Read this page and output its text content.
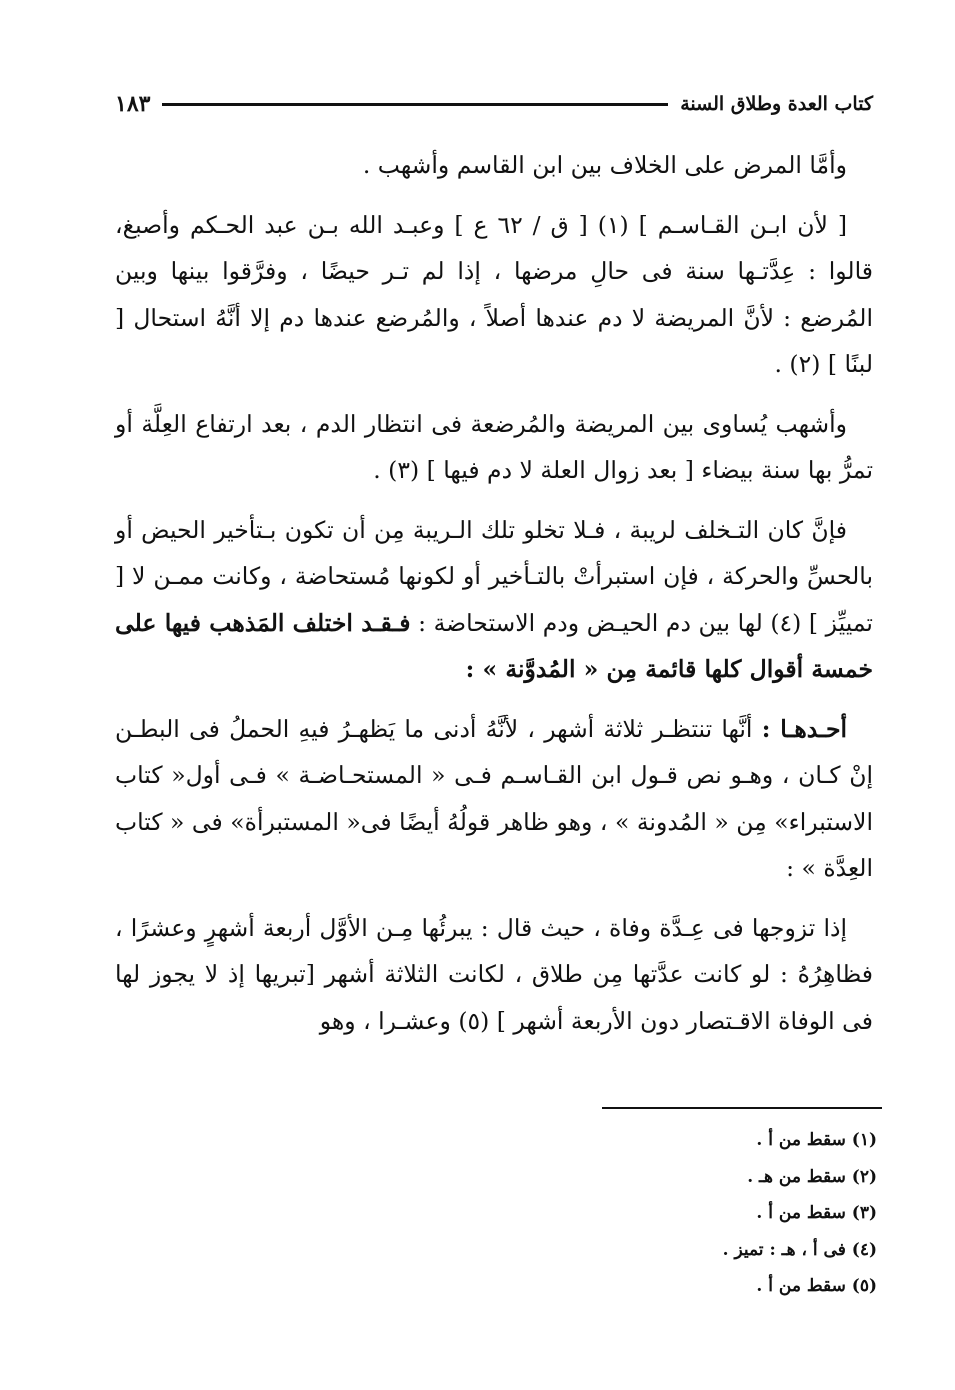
١٨٣	كتاب العدة وطلاق السنة

وأمَّا المرض على الخلاف بين ابن القاسم وأشهب .

[ لأن ابـن القـاسـم ] (١) [ ق / ٦٢ ع ] وعبـد الله بـن عبد الحـكم وأصبغ، قالوا : عِدَّتـها سنة فى حالِ مرضها ، إذا لم تـر حيضًا ، وفرَّقوا بينها وبين المُرضع : لأنَّ المريضة لا دم عندها أصلاً ، والمُرضع عندها دم إلا أنَّهُ استحال [ لبنًا ] (٢) .

وأشهب يُساوى بين المريضة والمُرضعة فى انتظار الدم ، بعد ارتفاع العِلَّة أو تمرُّ بها سنة بيضاء [ بعد زوال العلة لا دم فيها ] (٣) .

فإنَّ كان التـخلف لريبة ، فـلا تخلو تلك الـريبة مِن أن تكون بـتأخير الحيض أو بالحسِّ والحركة ، فإن استبرأتْ بالتـأخير أو لكونها مُستحاضة ، وكانت ممـن لا [ تمييِّز ] (٤) لها بين دم الحيـض ودم الاستحاضة : فـقـد اختلف المَذهب فيها على خمسة أقوال كلها قائمة مِن « المُدوَّنة » :

أحـدهـا : أنَّها تنتظـر ثلاثة أشهر ، لأنَّهُ أدنى ما يَظهـرُ فيهِ الحملُ فى البطـن إنْ كـان ، وهـو نص قـول ابن القـاسـم فـى « المستحـاضـة » فـى أول« كتاب الاستبراء» مِن « المُدونة » ، وهو ظاهر قولُهُ أيضًا فى« المستبرأة» فى « كتاب العِدَّة » :

إذا تزوجها فى عِـدَّة وفاة ، حيث قال : يبرئُها مِـن الأوَّل أربعة أشهرٍ وعشرًا ، فظاهِرُهُ : لو كانت عدَّتها مِن طلاق ، لكانت الثلاثة أشهر [تبريها إذ لا يجوز لها فى الوفاة الاقـتصار دون الأربعة أشهر ] (٥) وعشـرا ، وهو

(١) سقط من أ .

(٢) سقط من هـ .

(٣) سقط من أ .

(٤) فى أ ، هـ : تميز .

(٥) سقط من أ .
